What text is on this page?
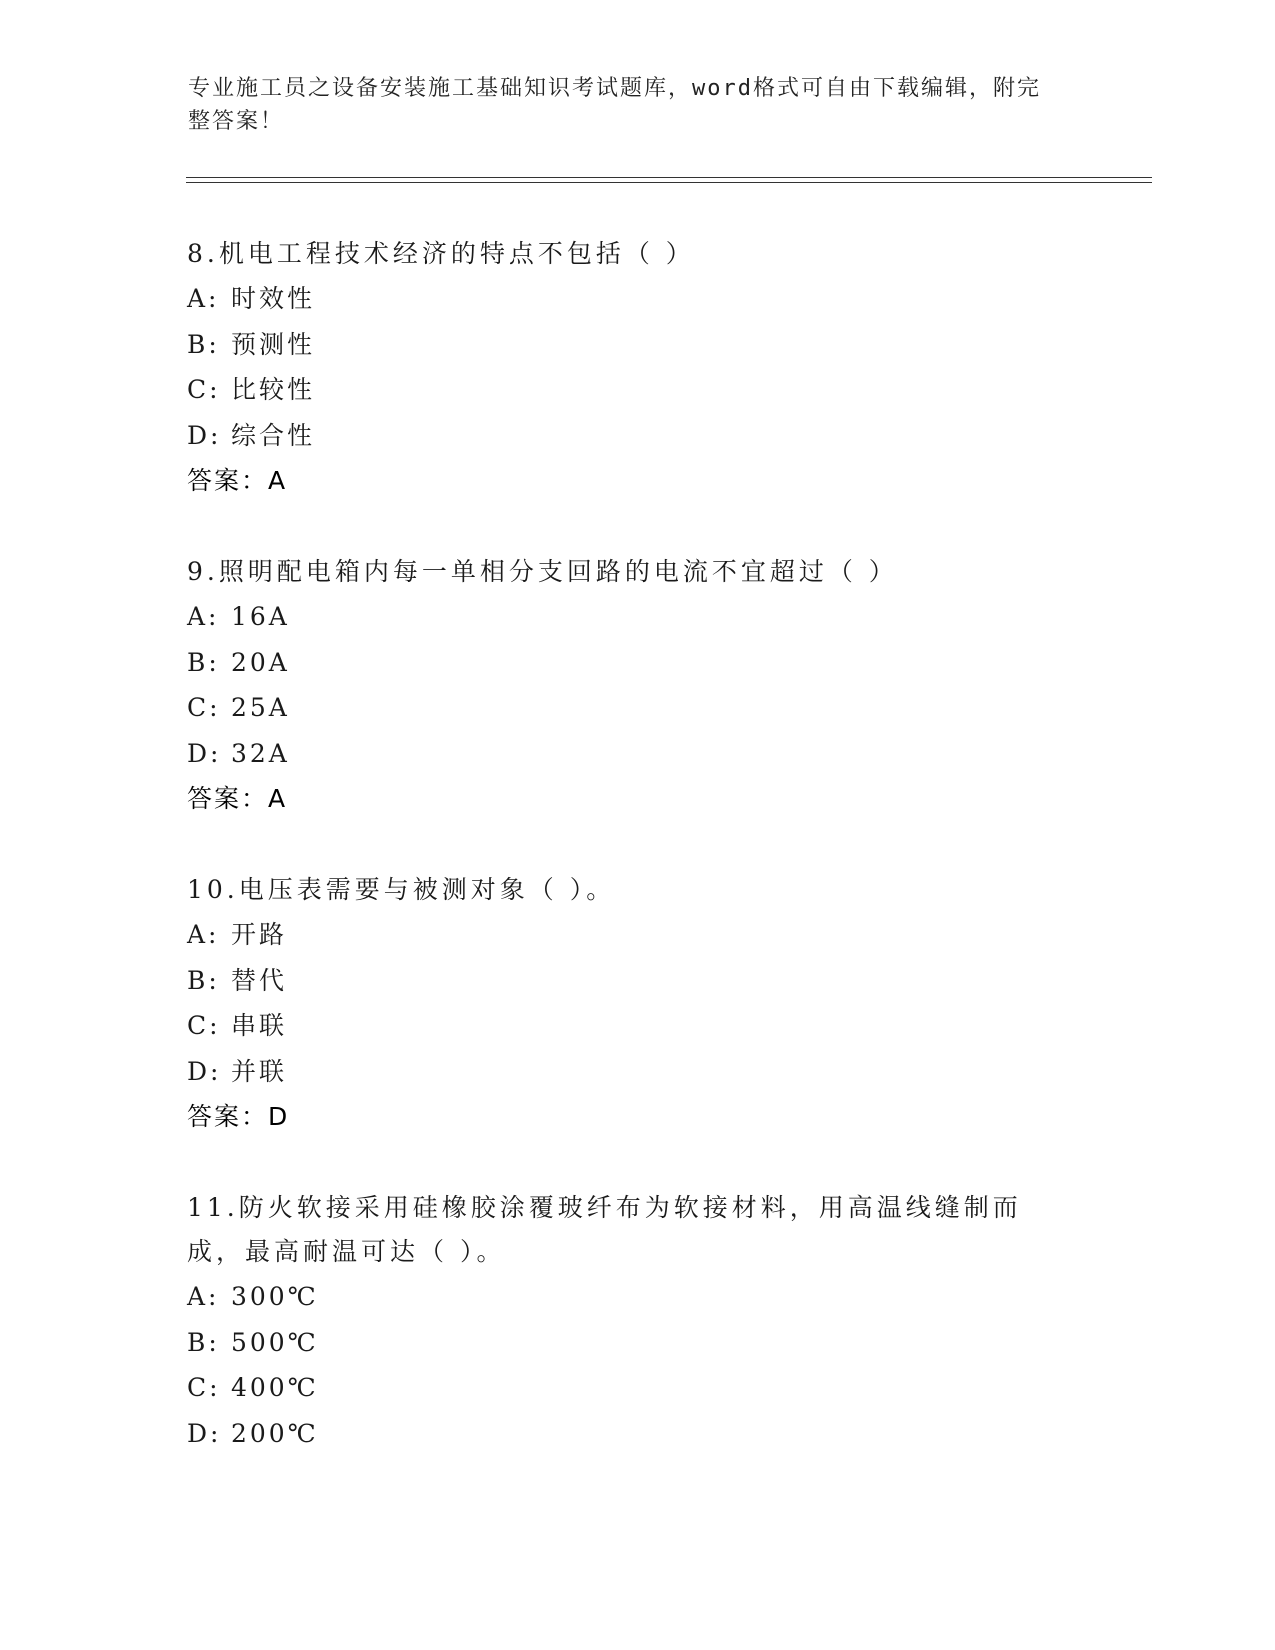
专业施工员之设备安装施工基础知识考试题库，word格式可自由下载编辑，附完
整答案！

8.机电工程技术经济的特点不包括（ ）

A: 时效性

B: 预测性

C: 比较性

D: 综合性

答案：A

9.照明配电箱内每一单相分支回路的电流不宜超过（ ）

A: 16A

B: 20A

C: 25A

D: 32A

答案：A

10.电压表需要与被测对象（ ）。

A: 开路

B: 替代

C: 串联

D: 并联

答案：D

11.防火软接采用硅橡胶涂覆玻纤布为软接材料，用高温线缝制而成，最高耐温可达（ ）。

A: 300℃

B: 500℃

C: 400℃

D: 200℃
